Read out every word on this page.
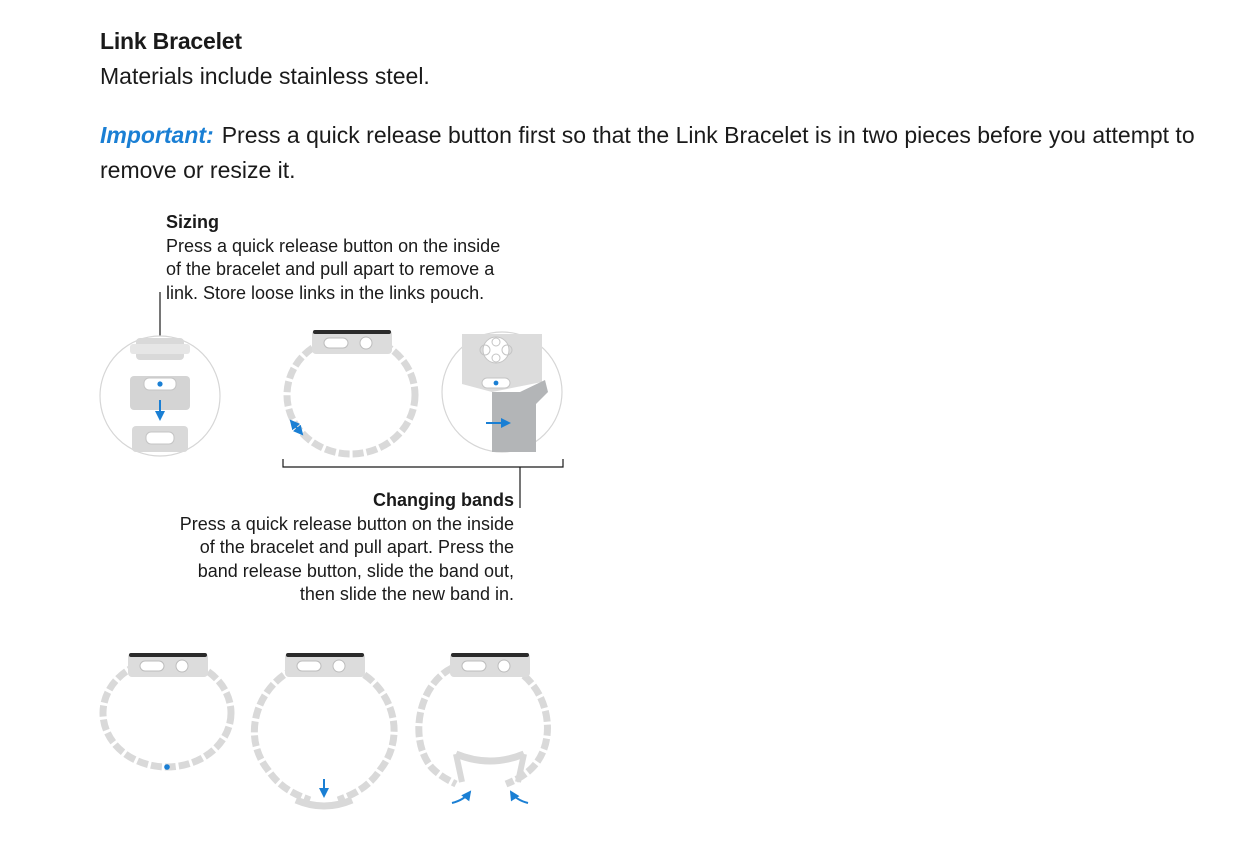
Link Bracelet
Materials include stainless steel.
Important: Press a quick release button first so that the Link Bracelet is in two pieces before you attempt to remove or resize it.
Sizing
Press a quick release button on the inside
of the bracelet and pull apart to remove a
link. Store loose links in the links pouch.
Changing bands
Press a quick release button on the inside
of the bracelet and pull apart. Press the
band release button, slide the band out,
then slide the new band in.
